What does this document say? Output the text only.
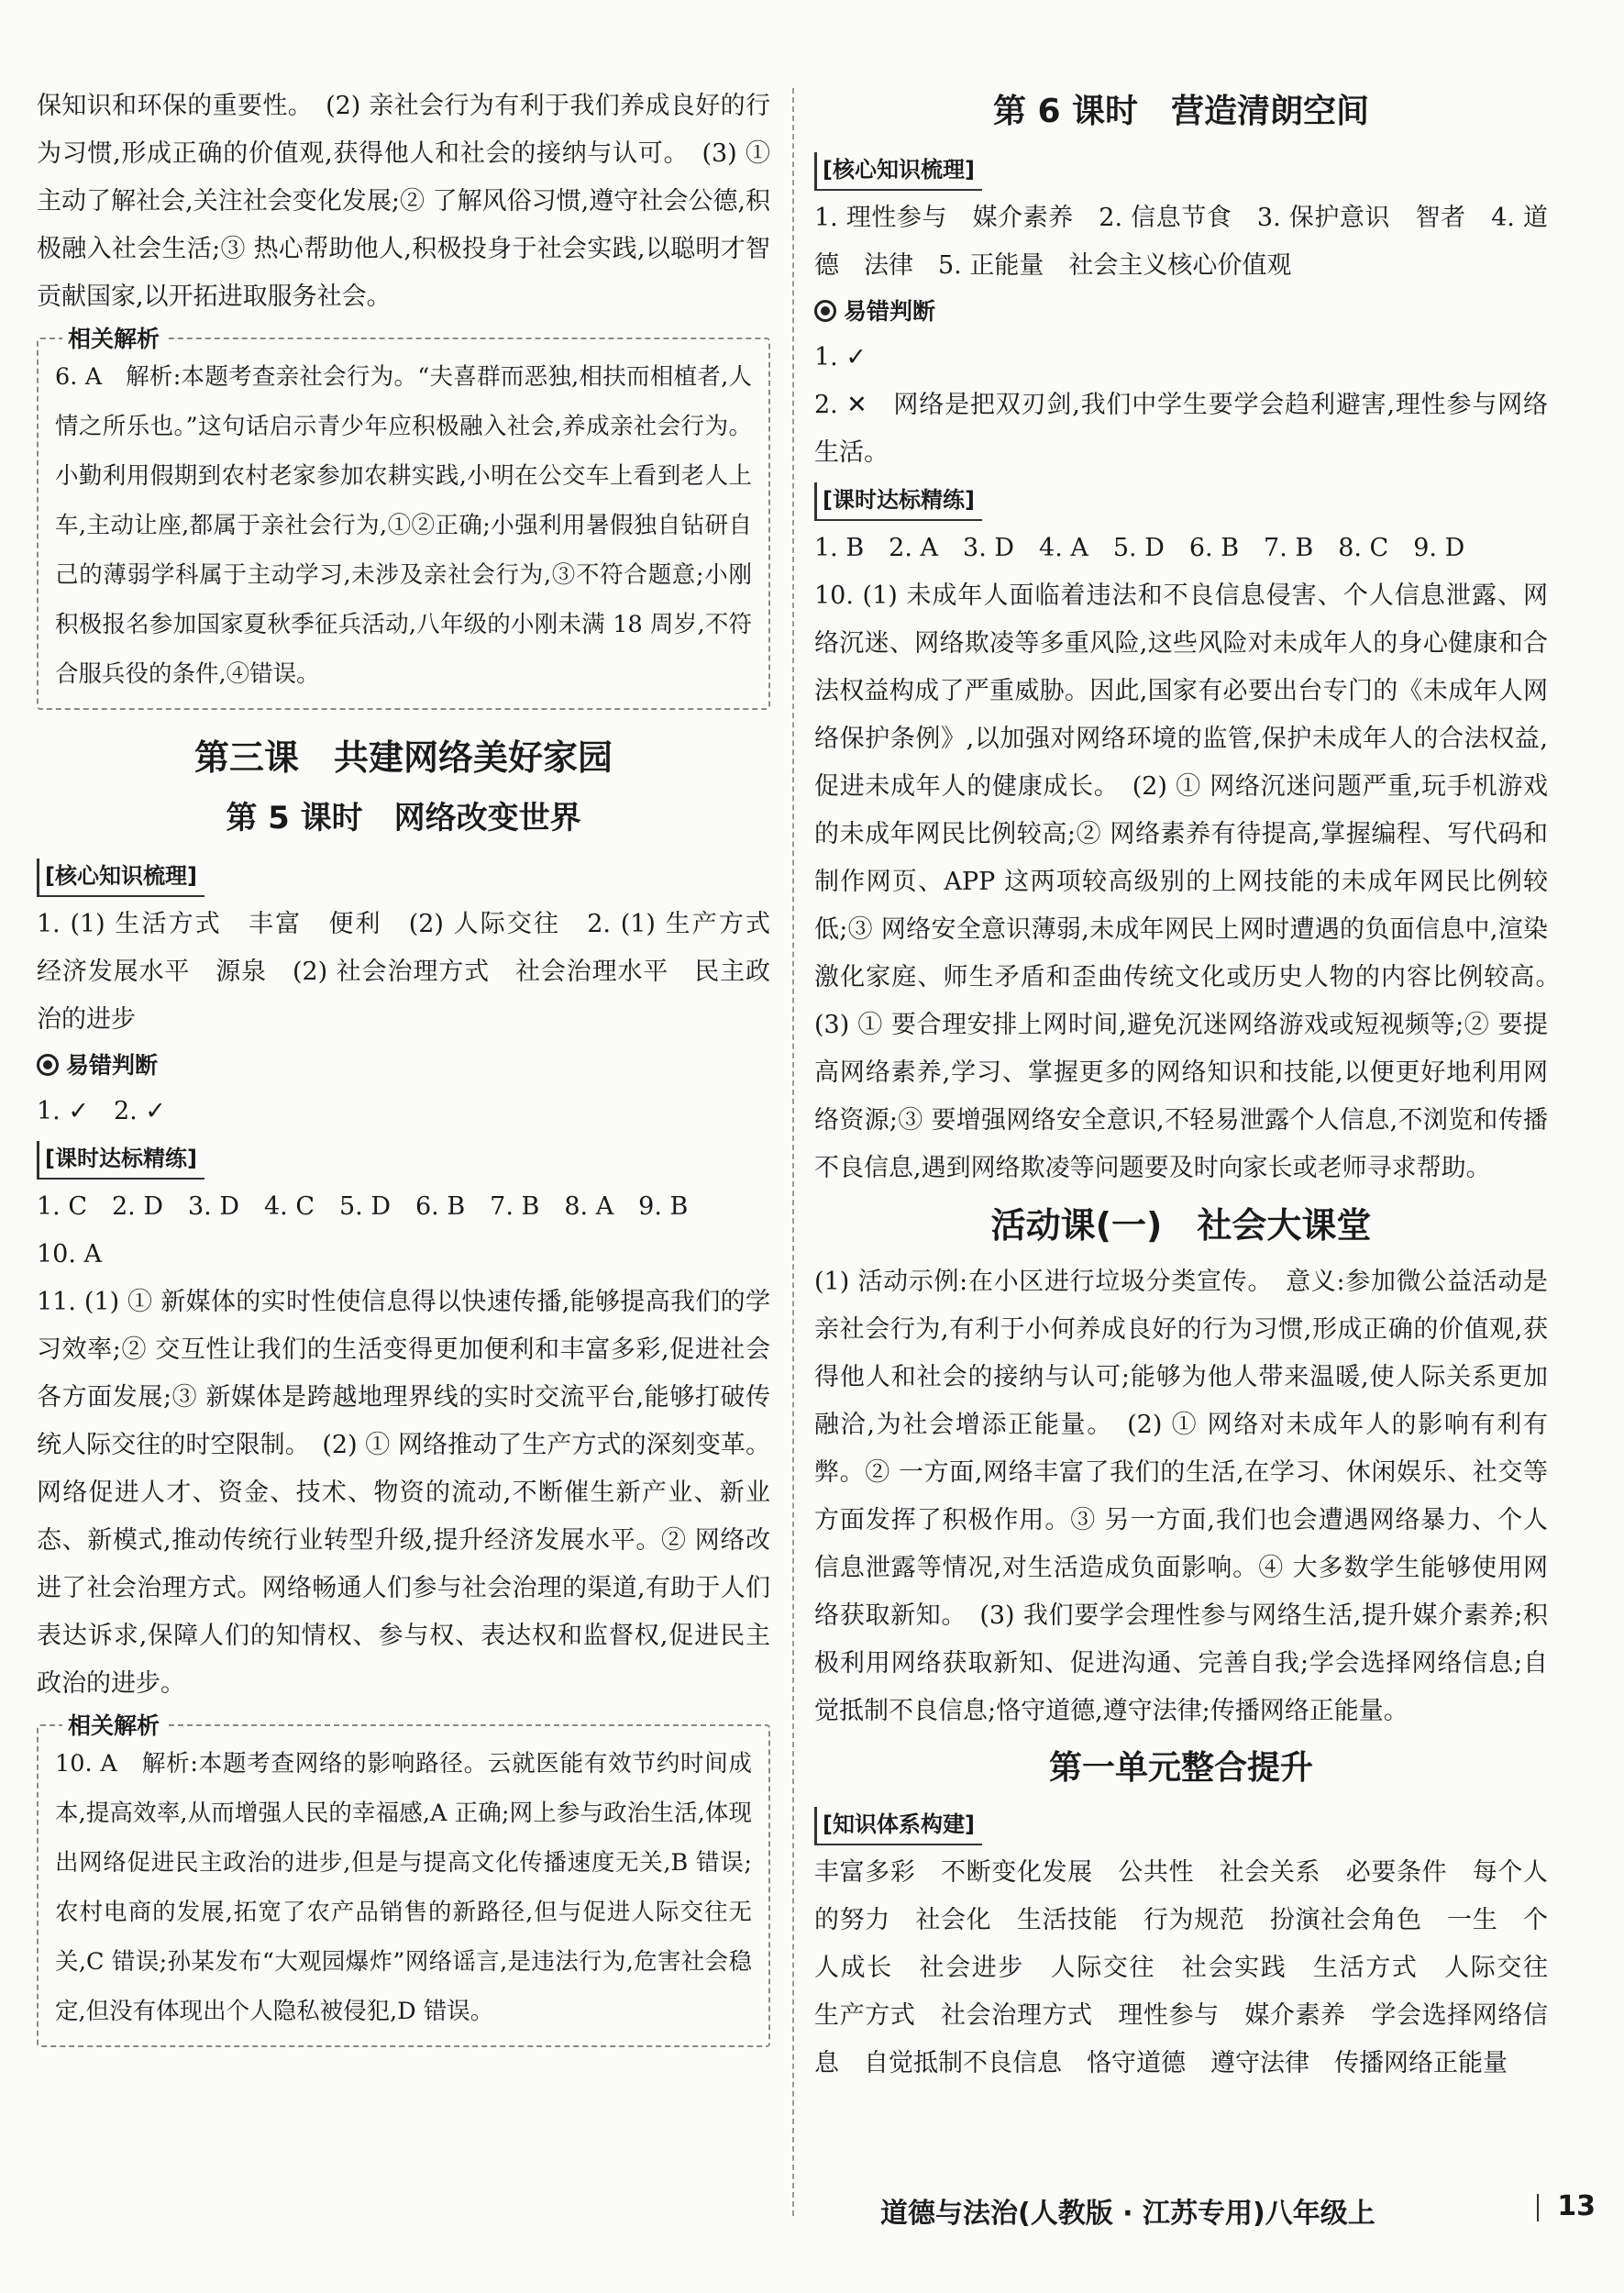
保知识和环保的重要性。　(2) 亲社会行为有利于我们养成良好的行为习惯,形成正确的价值观,获得他人和社会的接纳与认可。　(3) ① 主动了解社会,关注社会变化发展;② 了解风俗习惯,遵守社会公德,积极融入社会生活;③ 热心帮助他人,积极投身于社会实践,以聪明才智贡献国家,以开拓进取服务社会。

相关解析

6. A　解析:本题考查亲社会行为。“夫喜群而恶独,相扶而相植者,人情之所乐也。”这句话启示青少年应积极融入社会,养成亲社会行为。小勤利用假期到农村老家参加农耕实践,小明在公交车上看到老人上车,主动让座,都属于亲社会行为,①②正确;小强利用暑假独自钻研自己的薄弱学科属于主动学习,未涉及亲社会行为,③不符合题意;小刚积极报名参加国家夏秋季征兵活动,八年级的小刚未满 18 周岁,不符合服兵役的条件,④错误。

第三课　共建网络美好家园
第 5 课时　网络改变世界
[核心知识梳理]

1. (1) 生活方式　丰富　便利　(2) 人际交往　2. (1) 生产方式　经济发展水平　源泉　(2) 社会治理方式　社会治理水平　民主政治的进步

易错判断

1. ✓　2. ✓

[课时达标精练]

1. C　2. D　3. D　4. C　5. D　6. B　7. B　8. A　9. B

10. A

11. (1) ① 新媒体的实时性使信息得以快速传播,能够提高我们的学习效率;② 交互性让我们的生活变得更加便利和丰富多彩,促进社会各方面发展;③ 新媒体是跨越地理界线的实时交流平台,能够打破传统人际交往的时空限制。　(2) ① 网络推动了生产方式的深刻变革。网络促进人才、资金、技术、物资的流动,不断催生新产业、新业态、新模式,推动传统行业转型升级,提升经济发展水平。② 网络改进了社会治理方式。网络畅通人们参与社会治理的渠道,有助于人们表达诉求,保障人们的知情权、参与权、表达权和监督权,促进民主政治的进步。

相关解析

10. A　解析:本题考查网络的影响路径。云就医能有效节约时间成本,提高效率,从而增强人民的幸福感,A 正确;网上参与政治生活,体现出网络促进民主政治的进步,但是与提高文化传播速度无关,B 错误;农村电商的发展,拓宽了农产品销售的新路径,但与促进人际交往无关,C 错误;孙某发布“大观园爆炸”网络谣言,是违法行为,危害社会稳定,但没有体现出个人隐私被侵犯,D 错误。

第 6 课时　营造清朗空间
[核心知识梳理]

1. 理性参与　媒介素养　2. 信息节食　3. 保护意识　智者　4. 道德　法律　5. 正能量　社会主义核心价值观

易错判断

1. ✓

2. ✕　网络是把双刃剑,我们中学生要学会趋利避害,理性参与网络生活。

[课时达标精练]

1. B　2. A　3. D　4. A　5. D　6. B　7. B　8. C　9. D

10. (1) 未成年人面临着违法和不良信息侵害、个人信息泄露、网络沉迷、网络欺凌等多重风险,这些风险对未成年人的身心健康和合法权益构成了严重威胁。因此,国家有必要出台专门的《未成年人网络保护条例》,以加强对网络环境的监管,保护未成年人的合法权益,促进未成年人的健康成长。　(2) ① 网络沉迷问题严重,玩手机游戏的未成年网民比例较高;② 网络素养有待提高,掌握编程、写代码和制作网页、APP 这两项较高级别的上网技能的未成年网民比例较低;③ 网络安全意识薄弱,未成年网民上网时遭遇的负面信息中,渲染激化家庭、师生矛盾和歪曲传统文化或历史人物的内容比例较高。　(3) ① 要合理安排上网时间,避免沉迷网络游戏或短视频等;② 要提高网络素养,学习、掌握更多的网络知识和技能,以便更好地利用网络资源;③ 要增强网络安全意识,不轻易泄露个人信息,不浏览和传播不良信息,遇到网络欺凌等问题要及时向家长或老师寻求帮助。

活动课(一)　社会大课堂

(1) 活动示例:在小区进行垃圾分类宣传。　意义:参加微公益活动是亲社会行为,有利于小何养成良好的行为习惯,形成正确的价值观,获得他人和社会的接纳与认可;能够为他人带来温暖,使人际关系更加融洽,为社会增添正能量。　(2) ① 网络对未成年人的影响有利有弊。② 一方面,网络丰富了我们的生活,在学习、休闲娱乐、社交等方面发挥了积极作用。③ 另一方面,我们也会遭遇网络暴力、个人信息泄露等情况,对生活造成负面影响。④ 大多数学生能够使用网络获取新知。　(3) 我们要学会理性参与网络生活,提升媒介素养;积极利用网络获取新知、促进沟通、完善自我;学会选择网络信息;自觉抵制不良信息;恪守道德,遵守法律;传播网络正能量。

第一单元整合提升
[知识体系构建]

丰富多彩　不断变化发展　公共性　社会关系　必要条件　每个人的努力　社会化　生活技能　行为规范　扮演社会角色　一生　个人成长　社会进步　人际交往　社会实践　生活方式　人际交往　生产方式　社会治理方式　理性参与　媒介素养　学会选择网络信息　自觉抵制不良信息　恪守道德　遵守法律　传播网络正能量

道德与法治(人教版 · 江苏专用)八年级上	13
